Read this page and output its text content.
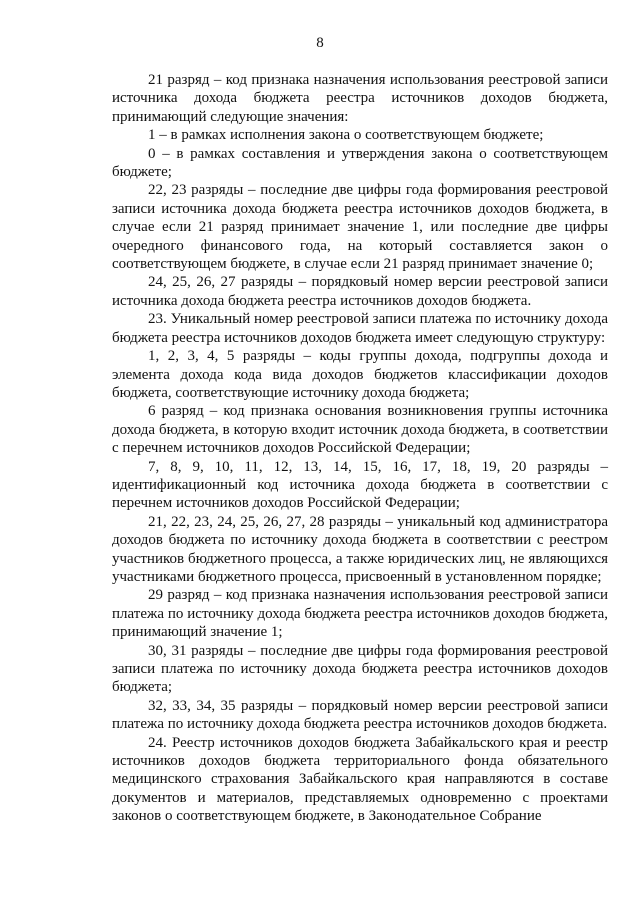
8

21 разряд – код признака назначения использования реестровой записи источника дохода бюджета реестра источников доходов бюджета, принимающий следующие значения:

1 – в рамках исполнения закона о соответствующем бюджете;

0 – в рамках составления и утверждения закона о соответствующем бюджете;

22, 23 разряды – последние две цифры года формирования реестровой записи источника дохода бюджета реестра источников доходов бюджета, в случае если 21 разряд принимает значение 1, или последние две цифры очередного финансового года, на который составляется закон о соответствующем бюджете, в случае если 21 разряд принимает значение 0;

24, 25, 26, 27 разряды – порядковый номер версии реестровой записи источника дохода бюджета реестра источников доходов бюджета.

23. Уникальный номер реестровой записи платежа по источнику дохода бюджета реестра источников доходов бюджета имеет следующую структуру:

1, 2, 3, 4, 5 разряды – коды группы дохода, подгруппы дохода и элемента дохода кода вида доходов бюджетов классификации доходов бюджета, соответствующие источнику дохода бюджета;

6 разряд – код признака основания возникновения группы источника дохода бюджета, в которую входит источник дохода бюджета, в соответствии с перечнем источников доходов Российской Федерации;

7, 8, 9, 10, 11, 12, 13, 14, 15, 16, 17, 18, 19, 20 разряды – идентификационный код источника дохода бюджета в соответствии с перечнем источников доходов Российской Федерации;

21, 22, 23, 24, 25, 26, 27, 28 разряды – уникальный код администратора доходов бюджета по источнику дохода бюджета в соответствии с реестром участников бюджетного процесса, а также юридических лиц, не являющихся участниками бюджетного процесса, присвоенный в установленном порядке;

29 разряд – код признака назначения использования реестровой записи платежа по источнику дохода бюджета реестра источников доходов бюджета, принимающий значение 1;

30, 31 разряды – последние две цифры года формирования реестровой записи платежа по источнику дохода бюджета реестра источников доходов бюджета;

32, 33, 34, 35 разряды – порядковый номер версии реестровой записи платежа по источнику дохода бюджета реестра источников доходов бюджета.

24. Реестр источников доходов бюджета Забайкальского края и реестр источников доходов бюджета территориального фонда обязательного медицинского страхования Забайкальского края направляются в составе документов и материалов, представляемых одновременно с проектами законов о соответствующем бюджете, в Законодательное Собрание
